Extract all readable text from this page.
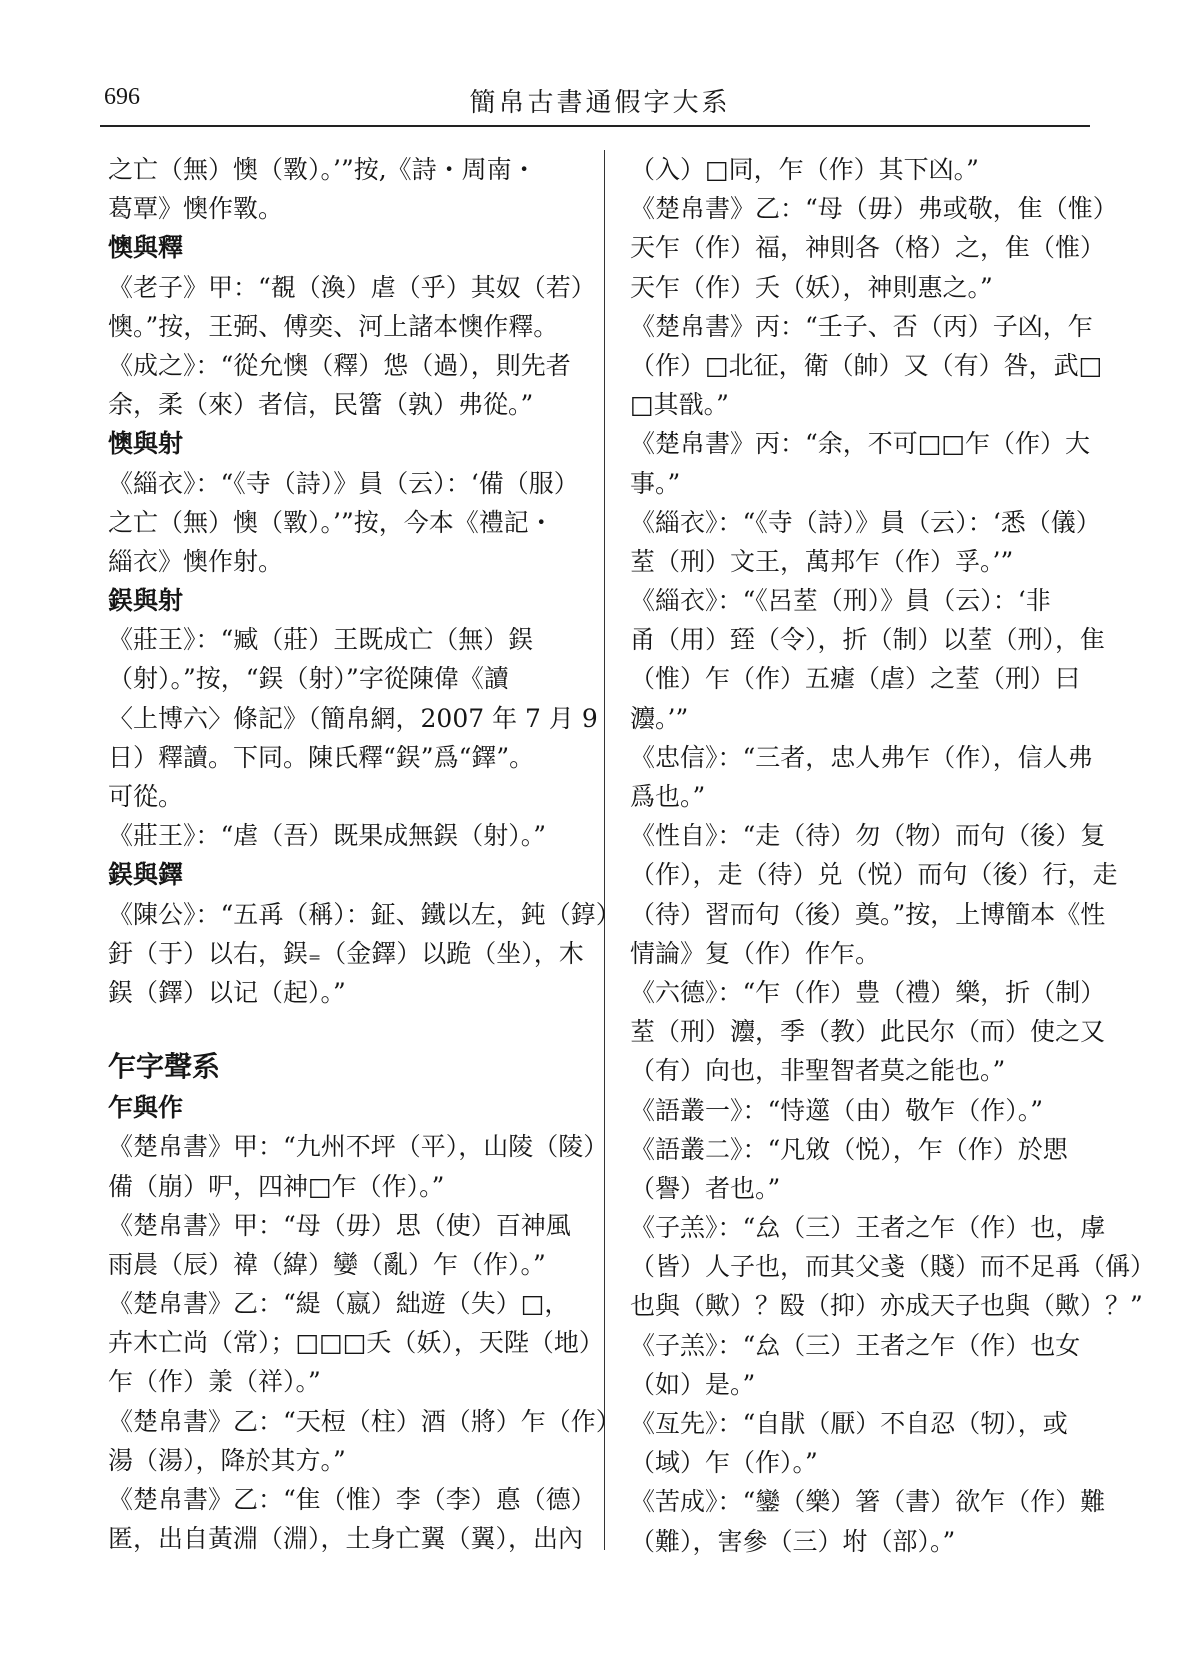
696	簡帛古書通假字大系
之亡（無）懊（斁）。’”按,《詩・周南・
葛覃》懊作斁。
懊與釋
《老子》甲：“覩（渙）虐（乎）其奴（若）
懊。”按，王弼、傅奕、河上諸本懊作釋。
《成之》：“從允懊（釋）怹（過），則先者
余，柔（來）者信，民簹（孰）弗從。”
懊與射
《緇衣》：“《寺（詩）》員（云）：‘備（服）
之亡（無）懊（斁）。’”按，今本《禮記・
緇衣》懊作射。
鋘與射
《莊王》：“臧（莊）王既成亡（無）鋘
（射）。”按，“鋘（射）”字從陳偉《讀
〈上博六〉條記》（簡帛網，2007 年 7 月 9
日）釋讀。下同。陳氏釋“鋘”爲“鐸”。
可從。
《莊王》：“虐（吾）既果成無鋘（射）。”
鋘與鐸
《陳公》：“五爯（稱）：鉦、鐵以左，鈍（錞）
釪（于）以右，鋘₌（金鐸）以跪（坐），木
鋘（鐸）以记（起）。”
乍字聲系
乍與作
《楚帛書》甲：“九州不坪（平），山陵（陵）
備（崩）㕧，四神□乍（作）。”
《楚帛書》甲：“母（毋）思（使）百神風
雨晨（辰）禕（緯）孌（亂）乍（作）。”
《楚帛書》乙：“緹（嬴）絀遊（失）□，
卉木亡尚（常）；□□□夭（妖），天陛（地）
乍（作）羕（祥）。”
《楚帛書》乙：“天梪（柱）酒（將）乍（作）
湯（湯），降於其方。”
《楚帛書》乙：“隹（惟）李（李）悳（德）
匿，出自黃淵（淵），土身亡翼（翼），出內
（入）□同，乍（作）其下凶。”
《楚帛書》乙：“母（毋）弗或敬，隹（惟）
天乍（作）福，神則各（格）之，隹（惟）
天乍（作）夭（妖），神則惠之。”
《楚帛書》丙：“壬子、否（丙）子凶，乍
（作）□北征，衛（帥）又（有）咎，武□
□其戩。”
《楚帛書》丙：“余，不可□□乍（作）大
事。”
《緇衣》：“《寺（詩）》員（云）：‘悉（儀）
荎（刑）文王，萬邦乍（作）孚。’”
《緇衣》：“《呂荎（刑）》員（云）：‘非
甬（用）臸（令），折（制）以荎（刑），隹
（惟）乍（作）五瘧（虐）之荎（刑）曰
灋。’”
《忠信》：“三者，忠人弗乍（作），信人弗
爲也。”
《性自》：“走（待）勿（物）而句（後）复
（作），走（待）兑（悦）而句（後）行，走
（待）習而句（後）奠。”按，上博簡本《性
情論》复（作）作乍。
《六德》：“乍（作）豊（禮）樂，折（制）
荎（刑）灋，季（教）此民尔（而）使之又
（有）向也，非聖智者莫之能也。”
《語叢一》：“恃遾（由）敬乍（作）。”
《語叢二》：“凡敓（悦），乍（作）於愳
（譽）者也。”
《子羔》：“厽（三）王者之乍（作）也，虖
（皆）人子也，而其父戔（賤）而不足爯（偁）
也與（歟）？殹（抑）亦成天子也與（歟）？”
《子羔》：“厽（三）王者之乍（作）也女
（如）是。”
《亙先》：“自猒（厭）不自忍（牣），或
（域）乍（作）。”
《苦成》：“鑾（樂）箸（書）欲乍（作）難
（難），害參（三）坿（部）。”
